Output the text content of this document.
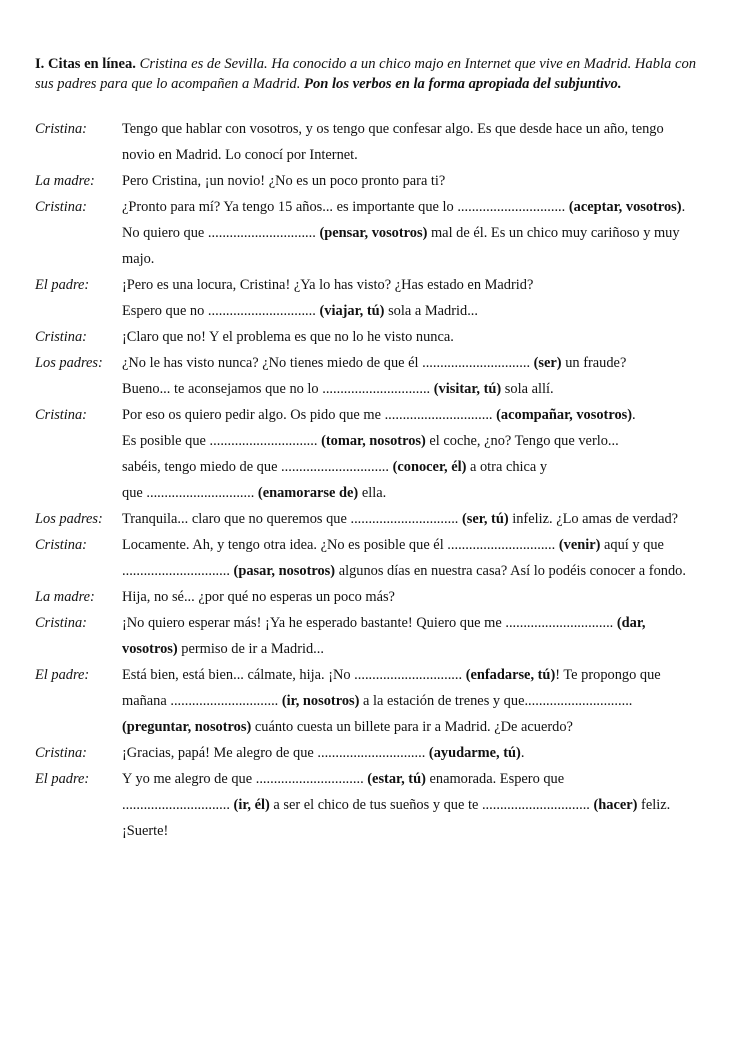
I. Citas en línea. Cristina es de Sevilla. Ha conocido a un chico majo en Internet que vive en Madrid. Habla con sus padres para que lo acompañen a Madrid. Pon los verbos en la forma apropiada del subjuntivo.
Cristina:	Tengo que hablar con vosotros, y os tengo que confesar algo. Es que desde hace un año, tengo novio en Madrid. Lo conocí por Internet.
La madre:	Pero Cristina, ¡un novio! ¿No es un poco pronto para ti?
Cristina:	¿Pronto para mí? Ya tengo 15 años... es importante que lo .............................. (aceptar, vosotros). No quiero que .............................. (pensar, vosotros) mal de él. Es un chico muy cariñoso y muy majo.
El padre:	¡Pero es una locura, Cristina! ¿Ya lo has visto? ¿Has estado en Madrid?
Espero que no .............................. (viajar, tú) sola a Madrid...
Cristina:	¡Claro que no! Y el problema es que no lo he visto nunca.
Los padres:	¿No le has visto nunca? ¿No tienes miedo de que él .............................. (ser) un fraude?
Bueno... te aconsejamos que no lo .............................. (visitar, tú) sola allí.
Cristina:	Por eso os quiero pedir algo. Os pido que me .............................. (acompañar, vosotros).
Es posible que .............................. (tomar, nosotros) el coche, ¿no? Tengo que verlo...
sabéis, tengo miedo de que .............................. (conocer, él) a otra chica y
que .............................. (enamorarse de) ella.
Los padres:	Tranquila... claro que no queremos que .............................. (ser, tú) infeliz. ¿Lo amas de verdad?
Cristina:	Locamente. Ah, y tengo otra idea. ¿No es posible que él .............................. (venir) aquí y que .............................. (pasar, nosotros) algunos días en nuestra casa? Así lo podéis conocer a fondo.
La madre:	Hija, no sé... ¿por qué no esperas un poco más?
Cristina:	¡No quiero esperar más! ¡Ya he esperado bastante! Quiero que me .............................. (dar, vosotros) permiso de ir a Madrid...
El padre:	Está bien, está bien... cálmate, hija. ¡No .............................. (enfadarse, tú)! Te propongo que mañana .............................. (ir, nosotros) a la estación de trenes y que.............................. (preguntar, nosotros) cuánto cuesta un billete para ir a Madrid. ¿De acuerdo?
Cristina:	¡Gracias, papá! Me alegro de que .............................. (ayudarme, tú).
El padre:	Y yo me alegro de que .............................. (estar, tú) enamorada. Espero que
.............................. (ir, él) a ser el chico de tus sueños y que te .............................. (hacer) feliz. ¡Suerte!
